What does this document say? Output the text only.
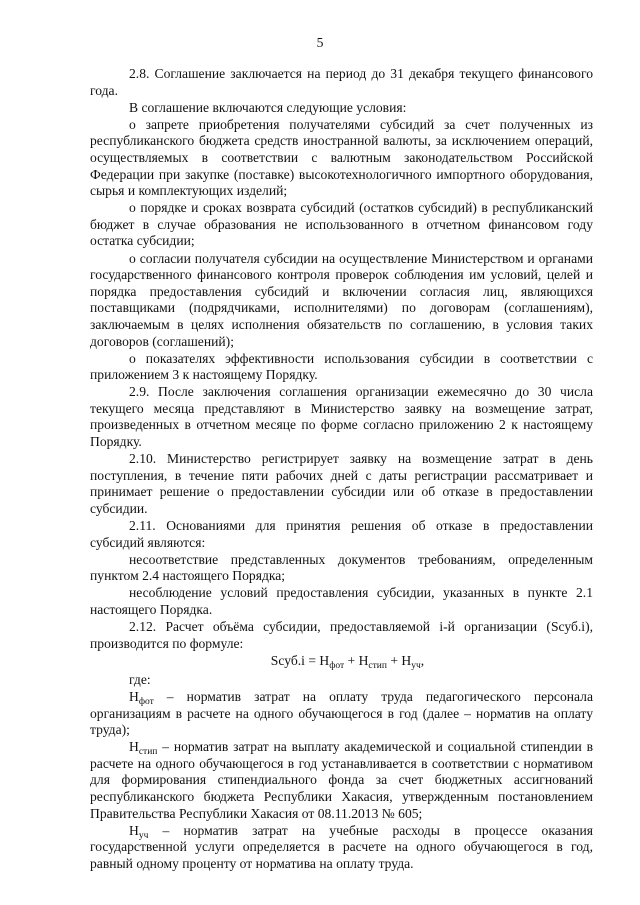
5

2.8. Соглашение заключается на период до 31 декабря текущего финансового года.

В соглашение включаются следующие условия:

о запрете приобретения получателями субсидий за счет полученных из республиканского бюджета средств иностранной валюты, за исключением операций, осуществляемых в соответствии с валютным законодательством Российской Федерации при закупке (поставке) высокотехнологичного импортного оборудования, сырья и комплектующих изделий;

о порядке и сроках возврата субсидий (остатков субсидий) в республиканский бюджет в случае образования не использованного в отчетном финансовом году остатка субсидии;

о согласии получателя субсидии на осуществление Министерством и органами государственного финансового контроля проверок соблюдения им условий, целей и порядка предоставления субсидий и включении согласия лиц, являющихся поставщиками (подрядчиками, исполнителями) по договорам (соглашениям), заключаемым в целях исполнения обязательств по соглашению, в условия таких договоров (соглашений);

о показателях эффективности использования субсидии в соответствии с приложением 3 к настоящему Порядку.

2.9. После заключения соглашения организации ежемесячно до 30 числа текущего месяца представляют в Министерство заявку на возмещение затрат, произведенных в отчетном месяце по форме согласно приложению 2 к настоящему Порядку.

2.10. Министерство регистрирует заявку на возмещение затрат в день поступления, в течение пяти рабочих дней с даты регистрации рассматривает и принимает решение о предоставлении субсидии или об отказе в предоставлении субсидии.

2.11. Основаниями для принятия решения об отказе в предоставлении субсидий являются:

несоответствие представленных документов требованиям, определенным пунктом 2.4 настоящего Порядка;

несоблюдение условий предоставления субсидии, указанных в пункте 2.1 настоящего Порядка.

2.12. Расчет объёма субсидии, предоставляемой i-й организации (Sсуб.i), производится по формуле:

Sсуб.i = $Н_{фот} + Н_{стип} + Н_{уч}$,

где:

$Н_{фот}$ – норматив затрат на оплату труда педагогического персонала организациям в расчете на одного обучающегося в год (далее – норматив на оплату труда);

$Н_{стип}$ – норматив затрат на выплату академической и социальной стипендии в расчете на одного обучающегося в год устанавливается в соответствии с нормативом для формирования стипендиального фонда за счет бюджетных ассигнований республиканского бюджета Республики Хакасия, утвержденным постановлением Правительства Республики Хакасия от 08.11.2013 № 605;

$Н_{уч}$ – норматив затрат на учебные расходы в процессе оказания государственной услуги определяется в расчете на одного обучающегося в год, равный одному проценту от норматива на оплату труда.
